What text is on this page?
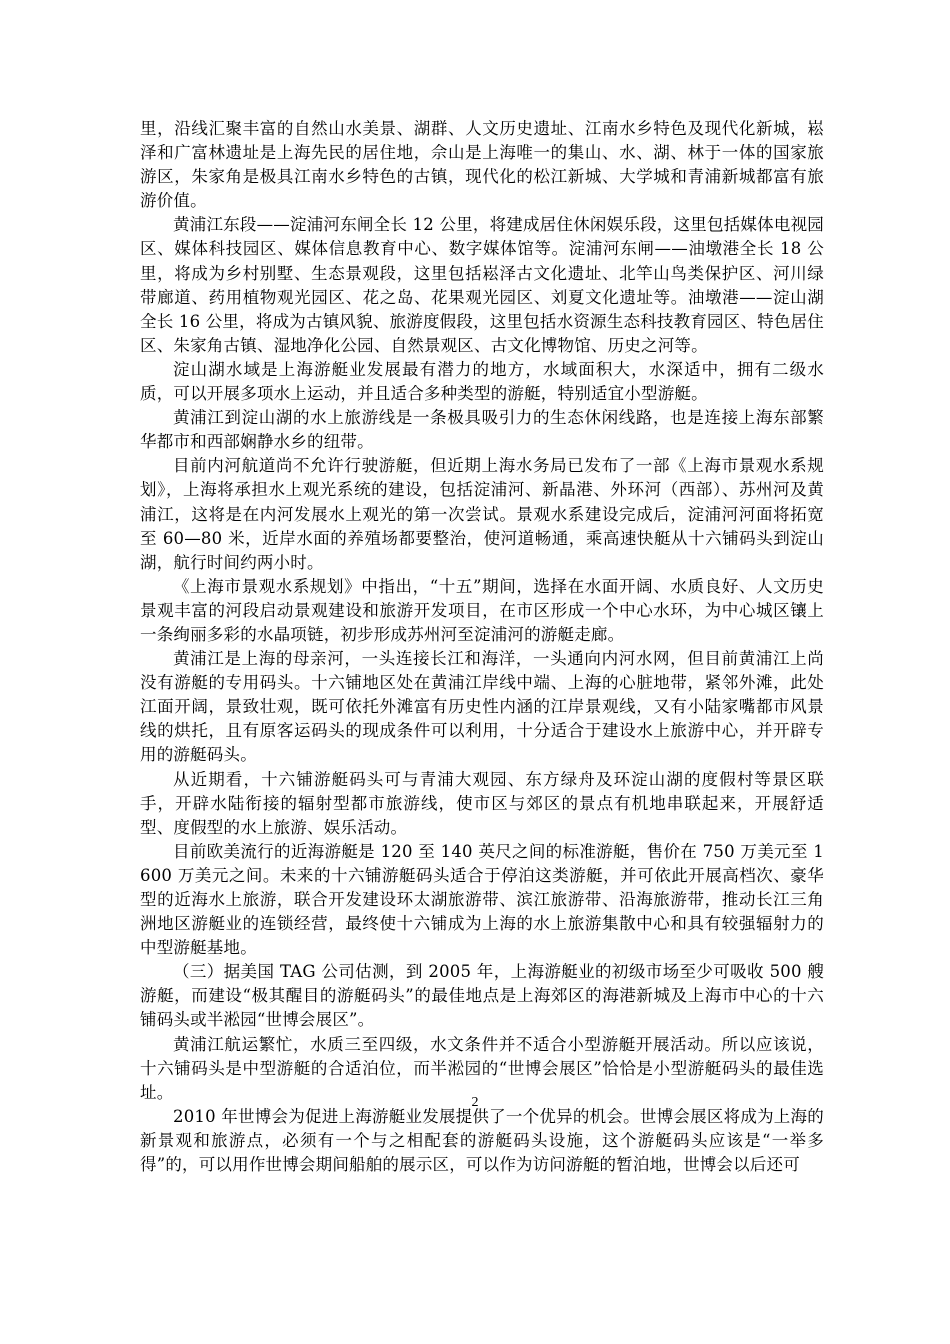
里，沿线汇聚丰富的自然山水美景、湖群、人文历史遗址、江南水乡特色及现代化新城，崧泽和广富林遗址是上海先民的居住地，佘山是上海唯一的集山、水、湖、林于一体的国家旅游区，朱家角是极具江南水乡特色的古镇，现代化的松江新城、大学城和青浦新城都富有旅游价值。

黄浦江东段——淀浦河东闸全长 12 公里，将建成居住休闲娱乐段，这里包括媒体电视园区、媒体科技园区、媒体信息教育中心、数字媒体馆等。淀浦河东闸——油墩港全长 18 公里，将成为乡村别墅、生态景观段，这里包括崧泽古文化遗址、北竿山鸟类保护区、河川绿带廊道、药用植物观光园区、花之岛、花果观光园区、刘夏文化遗址等。油墩港——淀山湖全长 16 公里，将成为古镇风貌、旅游度假段，这里包括水资源生态科技教育园区、特色居住区、朱家角古镇、湿地净化公园、自然景观区、古文化博物馆、历史之河等。

淀山湖水域是上海游艇业发展最有潜力的地方，水域面积大，水深适中，拥有二级水质，可以开展多项水上运动，并且适合多种类型的游艇，特别适宜小型游艇。

黄浦江到淀山湖的水上旅游线是一条极具吸引力的生态休闲线路，也是连接上海东部繁华都市和西部娴静水乡的纽带。

目前内河航道尚不允许行驶游艇，但近期上海水务局已发布了一部《上海市景观水系规划》，上海将承担水上观光系统的建设，包括淀浦河、新晶港、外环河（西部）、苏州河及黄浦江，这将是在内河发展水上观光的第一次尝试。景观水系建设完成后，淀浦河河面将拓宽至 60—80 米，近岸水面的养殖场都要整治，使河道畅通，乘高速快艇从十六铺码头到淀山湖，航行时间约两小时。

《上海市景观水系规划》中指出，“十五”期间，选择在水面开阔、水质良好、人文历史景观丰富的河段启动景观建设和旅游开发项目，在市区形成一个中心水环，为中心城区镶上一条绚丽多彩的水晶项链，初步形成苏州河至淀浦河的游艇走廊。

黄浦江是上海的母亲河，一头连接长江和海洋，一头通向内河水网，但目前黄浦江上尚没有游艇的专用码头。十六铺地区处在黄浦江岸线中端、上海的心脏地带，紧邻外滩，此处江面开阔，景致壮观，既可依托外滩富有历史性内涵的江岸景观线，又有小陆家嘴都市风景线的烘托，且有原客运码头的现成条件可以利用，十分适合于建设水上旅游中心，并开辟专用的游艇码头。

从近期看，十六铺游艇码头可与青浦大观园、东方绿舟及环淀山湖的度假村等景区联手，开辟水陆衔接的辐射型都市旅游线，使市区与郊区的景点有机地串联起来，开展舒适型、度假型的水上旅游、娱乐活动。

目前欧美流行的近海游艇是 120 至 140 英尺之间的标准游艇，售价在 750 万美元至 1600 万美元之间。未来的十六铺游艇码头适合于停泊这类游艇，并可依此开展高档次、豪华型的近海水上旅游，联合开发建设环太湖旅游带、滨江旅游带、沿海旅游带，推动长江三角洲地区游艇业的连锁经营，最终使十六铺成为上海的水上旅游集散中心和具有较强辐射力的中型游艇基地。

（三）据美国 TAG 公司估测，到 2005 年，上海游艇业的初级市场至少可吸收 500 艘游艇，而建设“极其醒目的游艇码头”的最佳地点是上海郊区的海港新城及上海市中心的十六铺码头或半淞园“世博会展区”。

黄浦江航运繁忙，水质三至四级，水文条件并不适合小型游艇开展活动。所以应该说，十六铺码头是中型游艇的合适泊位，而半淞园的“世博会展区”恰恰是小型游艇码头的最佳选址。

2010 年世博会为促进上海游艇业发展提供了一个优异的机会。世博会展区将成为上海的新景观和旅游点，必须有一个与之相配套的游艇码头设施，这个游艇码头应该是“一举多得”的，可以用作世博会期间船舶的展示区，可以作为访问游艇的暂泊地，世博会以后还可

2
